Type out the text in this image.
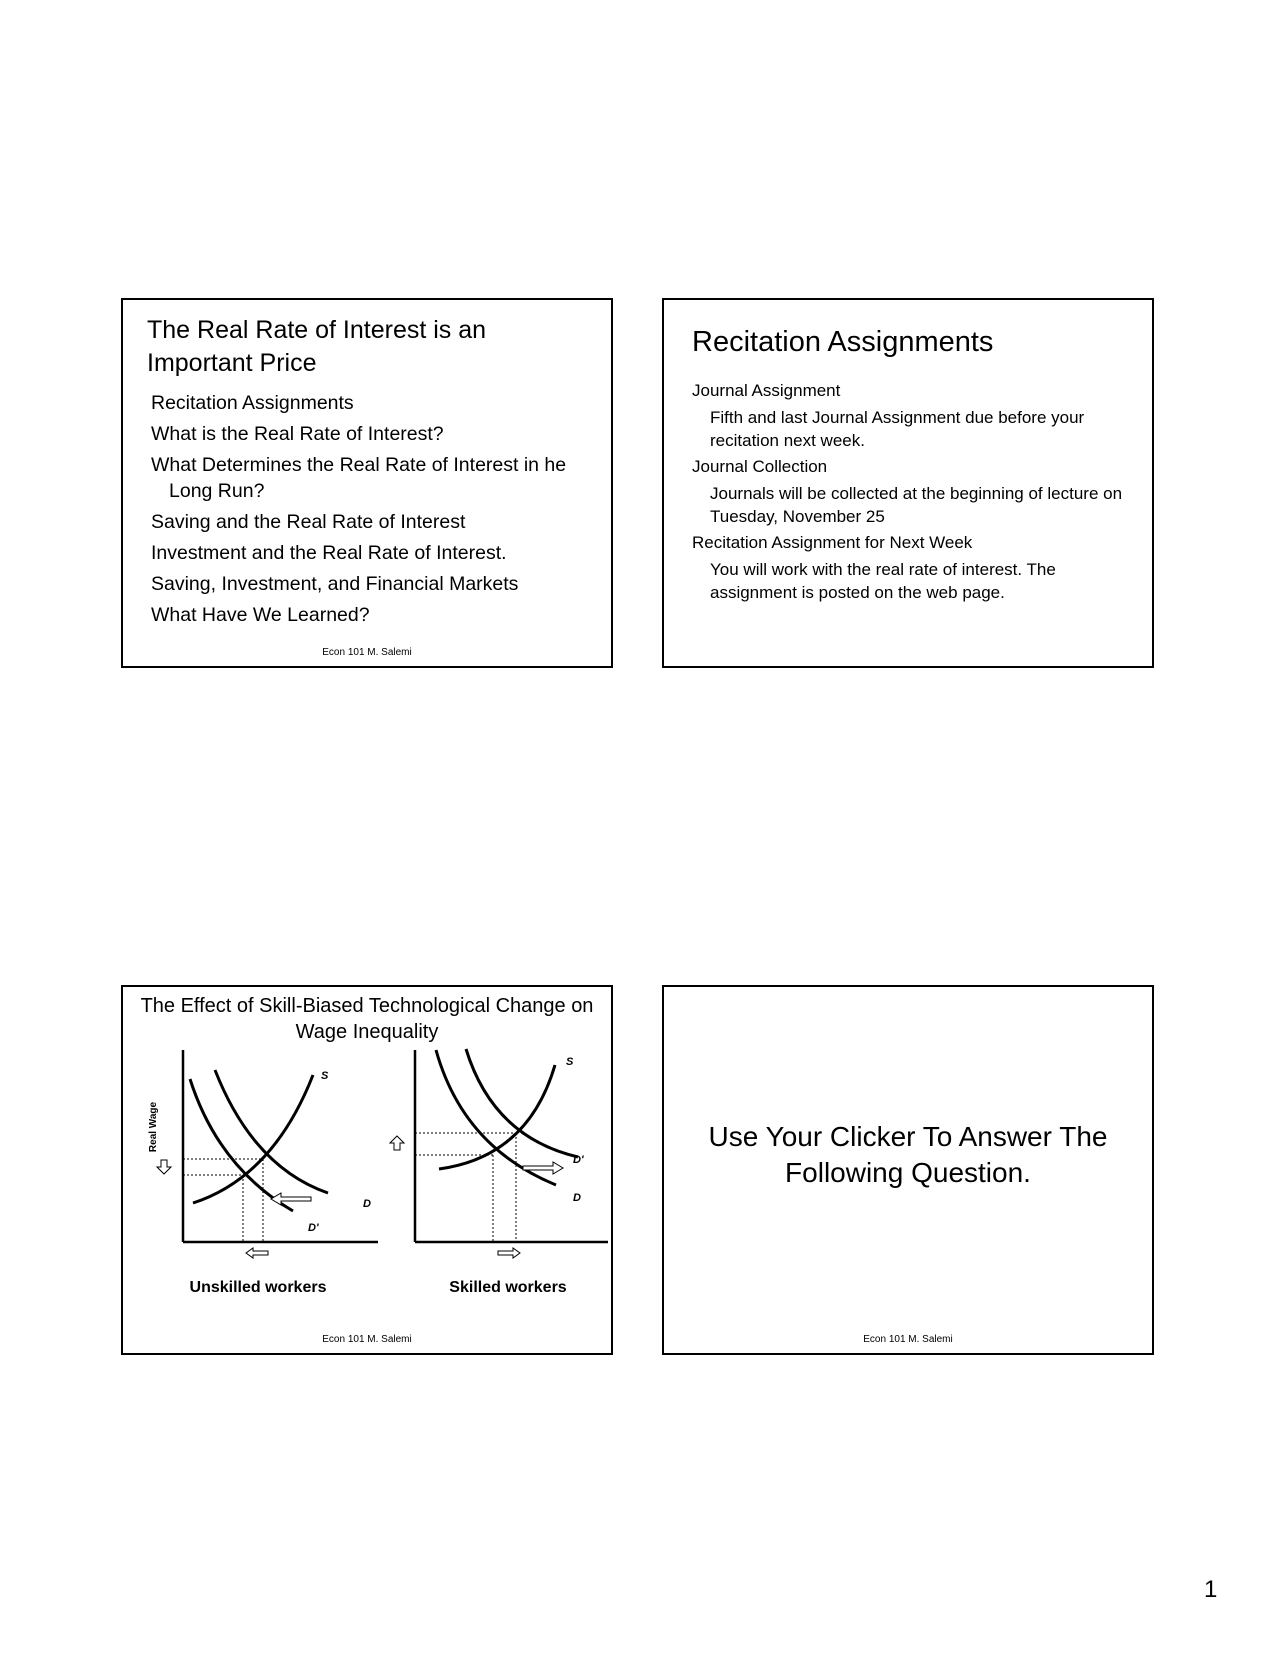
The Real Rate of Interest is an Important Price
Recitation Assignments
What is the Real Rate of Interest?
What Determines the Real Rate of Interest in he Long Run?
Saving and the Real Rate of Interest
Investment and the Real Rate of Interest.
Saving, Investment, and Financial Markets
What Have We Learned?
Econ 101 M. Salemi
Recitation Assignments
Journal Assignment
Fifth and last Journal Assignment due before your recitation next week.
Journal Collection
Journals will be collected at the beginning of lecture on Tuesday, November 25
Recitation Assignment for Next Week
You will work with the real rate of interest. The assignment is posted on the web page.
The Effect of Skill-Biased Technological Change on Wage Inequality
Real Wage
S
D
D'
Unskilled workers
S
D'
D
Skilled workers
Econ 101 M. Salemi
Use Your Clicker To Answer The Following Question.
Econ 101 M. Salemi
1
